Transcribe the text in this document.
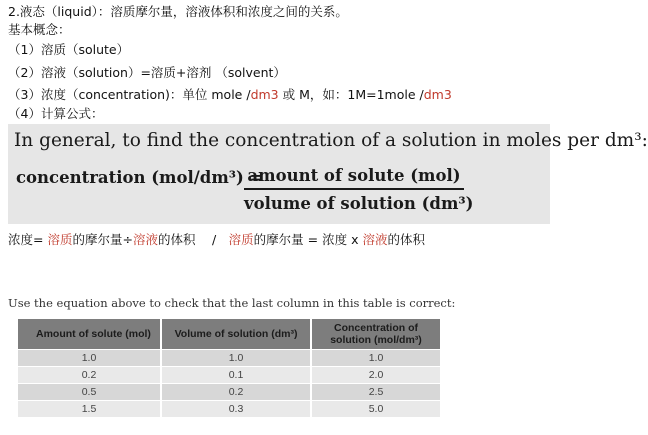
2.液态（liquid）：溶质摩尔量，溶液体积和浓度之间的关系。
基本概念：
（1）溶质（solute）
（2）溶液（solution）=溶质+溶剂 （solvent）
（3）浓度（concentration)：单位 mole /dm3 或 M，如：1M=1mole /dm3
（4）计算公式：
In general, to find the concentration of a solution in moles per dm³:
concentration (mol/dm³) =
amount of solute (mol)
volume of solution (dm³)
浓度= 溶质的摩尔量÷溶液的体积　 /　溶质的摩尔量 = 浓度 x 溶液的体积
Use the equation above to check that the last column in this table is correct:
Amount of solute (mol)	Volume of solution (dm³)	Concentration of solution (mol/dm³)
1.0	1.0	1.0
0.2	0.1	2.0
0.5	0.2	2.5
1.5	0.3	5.0
